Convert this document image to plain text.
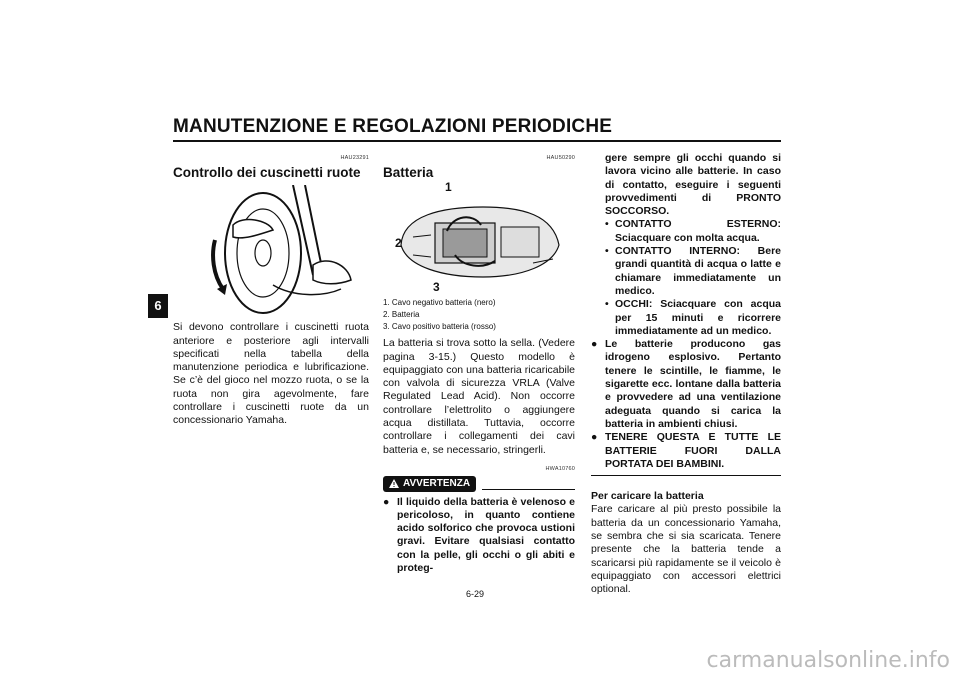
MANUTENZIONE E REGOLAZIONI PERIODICHE
6
HAU23291
Controllo dei cuscinetti ruote

Si devono controllare i cuscinetti ruota anteriore e posteriore agli intervalli specificati nella tabella della manutenzione periodica e lubrificazione. Se c’è del gioco nel mozzo ruota, o se la ruota non gira agevolmente, fare controllare i cuscinetti ruote da un concessionario Yamaha.

HAU50290
Batteria
1
2
3
1. Cavo negativo batteria (nero)
2. Batteria
3. Cavo positivo batteria (rosso)

La batteria si trova sotto la sella. (Vedere pagina 3-15.) Questo modello è equipaggiato con una batteria ricaricabile con valvola di sicurezza VRLA (Valve Regulated Lead Acid). Non occorre controllare l’elettrolito o aggiungere acqua distillata. Tuttavia, occorre controllare i collegamenti dei cavi batteria e, se necessario, stringerli.

HWA10760
AVVERTENZA
● Il liquido della batteria è velenoso e pericoloso, in quanto contiene acido solforico che provoca ustioni gravi. Evitare qualsiasi contatto con la pelle, gli occhi o gli abiti e proteg-

gere sempre gli occhi quando si lavora vicino alle batterie. In caso di contatto, eseguire i seguenti provvedimenti di PRONTO SOCCORSO.

• CONTATTO ESTERNO: Sciacquare con molta acqua.
• CONTATTO INTERNO: Bere grandi quantità di acqua o latte e chiamare immediatamente un medico.
• OCCHI: Sciacquare con acqua per 15 minuti e ricorrere immediatamente ad un medico.
● Le batterie producono gas idrogeno esplosivo. Pertanto tenere le scintille, le fiamme, le sigarette ecc. lontane dalla batteria e provvedere ad una ventilazione adeguata quando si carica la batteria in ambienti chiusi.
● TENERE QUESTA E TUTTE LE BATTERIE FUORI DALLA PORTATA DEI BAMBINI.
Per caricare la batteria

Fare caricare al più presto possibile la batteria da un concessionario Yamaha, se sembra che si sia scaricata. Tenere presente che la batteria tende a scaricarsi più rapidamente se il veicolo è equipaggiato con accessori elettrici optional.

6-29
carmanualsonline.info
